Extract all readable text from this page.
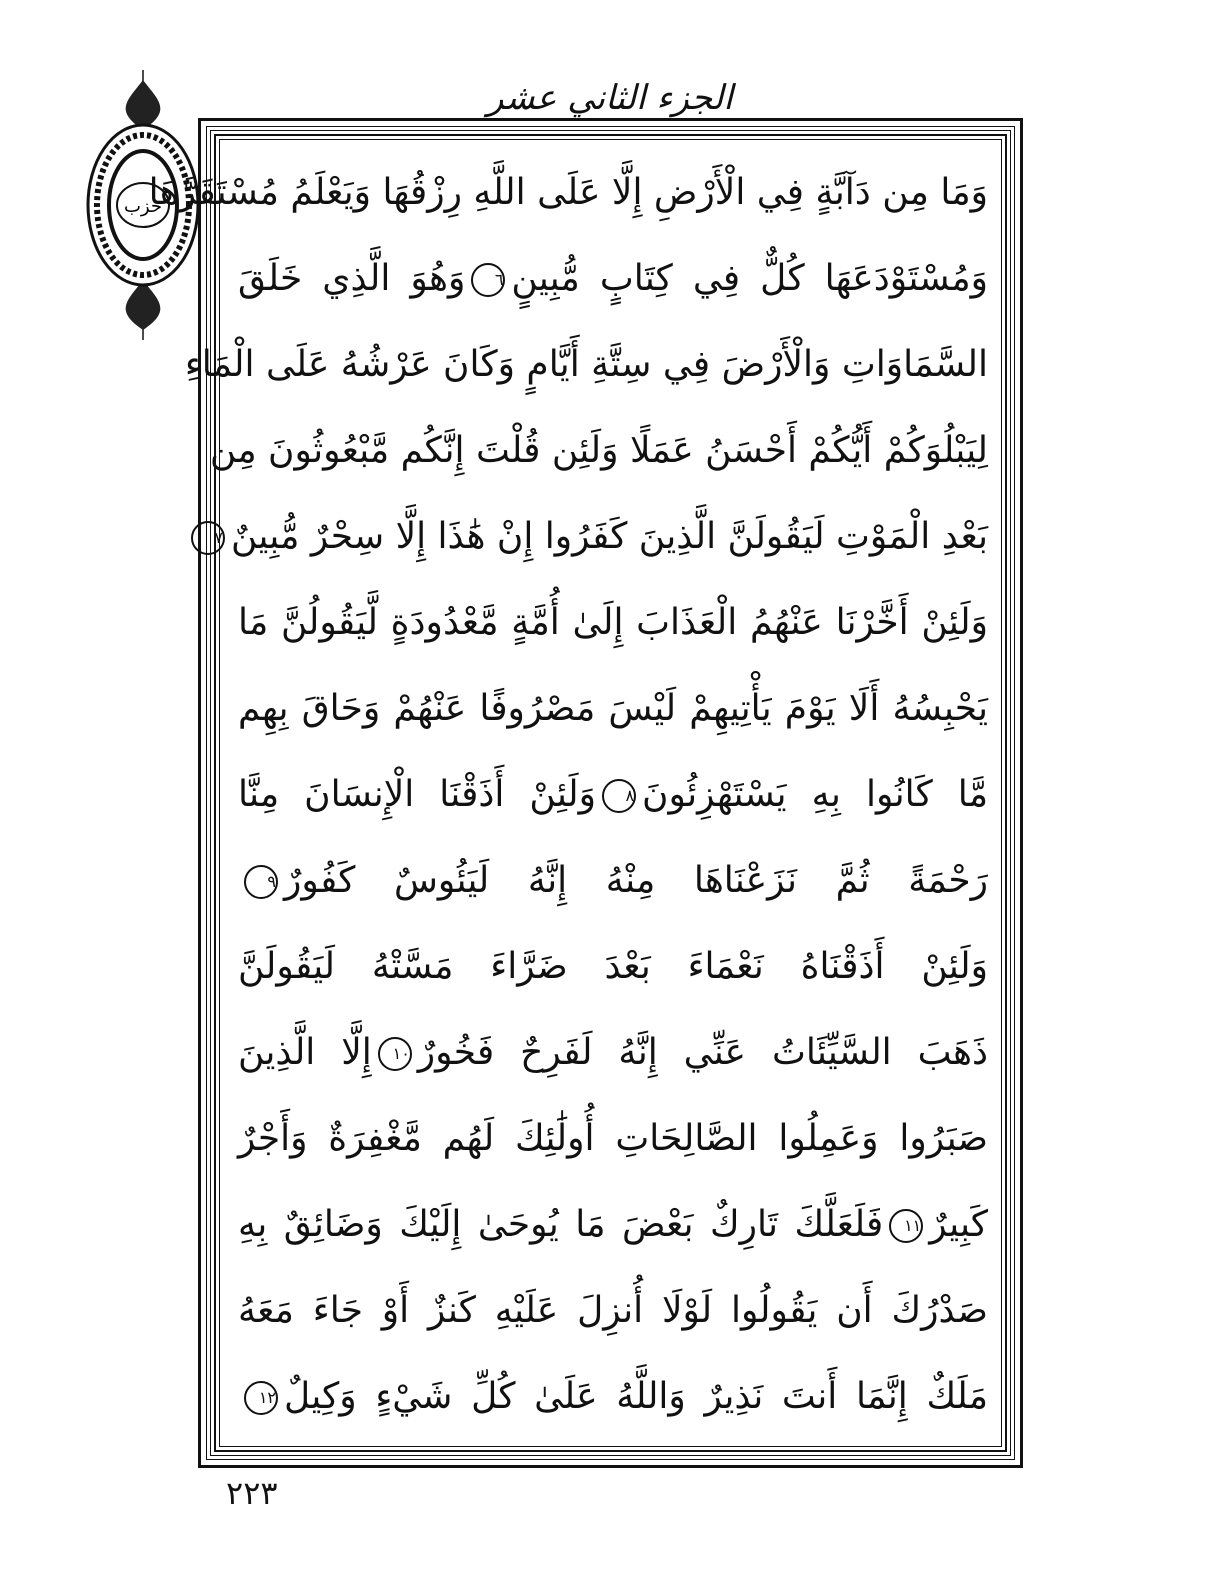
الجزء الثاني عشر
حزب
وَمَا مِن دَآبَّةٍ فِي الْأَرْضِ إِلَّا عَلَى اللَّهِ رِزْقُهَا وَيَعْلَمُ مُسْتَقَرَّهَا
وَمُسْتَوْدَعَهَا كُلٌّ فِي كِتَابٍ مُّبِينٍ٦وَهُوَ الَّذِي خَلَقَ
السَّمَاوَاتِ وَالْأَرْضَ فِي سِتَّةِ أَيَّامٍ وَكَانَ عَرْشُهُ عَلَى الْمَاءِ
لِيَبْلُوَكُمْ أَيُّكُمْ أَحْسَنُ عَمَلًا وَلَئِن قُلْتَ إِنَّكُم مَّبْعُوثُونَ مِن
بَعْدِ الْمَوْتِ لَيَقُولَنَّ الَّذِينَ كَفَرُوا إِنْ هَٰذَا إِلَّا سِحْرٌ مُّبِينٌ٧
وَلَئِنْ أَخَّرْنَا عَنْهُمُ الْعَذَابَ إِلَىٰ أُمَّةٍ مَّعْدُودَةٍ لَّيَقُولُنَّ مَا
يَحْبِسُهُ أَلَا يَوْمَ يَأْتِيهِمْ لَيْسَ مَصْرُوفًا عَنْهُمْ وَحَاقَ بِهِم
مَّا كَانُوا بِهِ يَسْتَهْزِئُونَ٨وَلَئِنْ أَذَقْنَا الْإِنسَانَ مِنَّا
رَحْمَةً ثُمَّ نَزَعْنَاهَا مِنْهُ إِنَّهُ لَيَئُوسٌ كَفُورٌ٩
وَلَئِنْ أَذَقْنَاهُ نَعْمَاءَ بَعْدَ ضَرَّاءَ مَسَّتْهُ لَيَقُولَنَّ
ذَهَبَ السَّيِّئَاتُ عَنِّي إِنَّهُ لَفَرِحٌ فَخُورٌ١٠إِلَّا الَّذِينَ
صَبَرُوا وَعَمِلُوا الصَّالِحَاتِ أُولَٰئِكَ لَهُم مَّغْفِرَةٌ وَأَجْرٌ
كَبِيرٌ١١فَلَعَلَّكَ تَارِكٌ بَعْضَ مَا يُوحَىٰ إِلَيْكَ وَضَائِقٌ بِهِ
صَدْرُكَ أَن يَقُولُوا لَوْلَا أُنزِلَ عَلَيْهِ كَنزٌ أَوْ جَاءَ مَعَهُ
مَلَكٌ إِنَّمَا أَنتَ نَذِيرٌ وَاللَّهُ عَلَىٰ كُلِّ شَيْءٍ وَكِيلٌ١٢
٢٢٣
